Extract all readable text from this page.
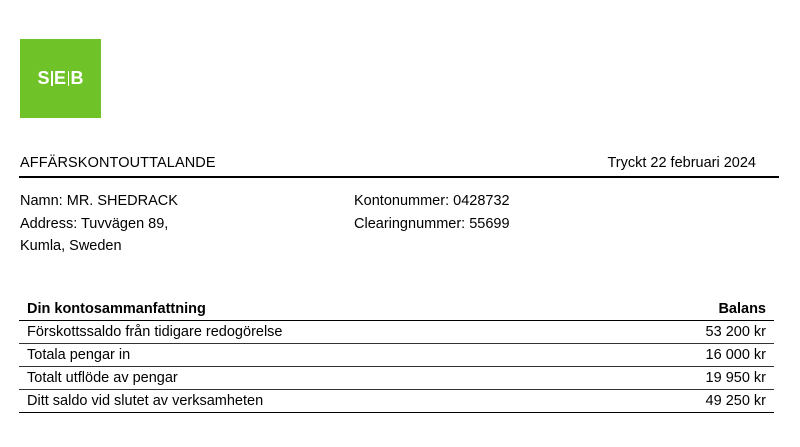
S E B
AFFÄRSKONTOUTTALANDE	Tryckt 22 februari 2024
Namn: MR. SHEDRACK
Address: Tuvvägen 89,
Kumla, Sweden
Kontonummer: 0428732
Clearingnummer: 55699
Din kontosammanfattning	Balans
Förskottssaldo från tidigare redogörelse	53 200 kr
Totala pengar in	16 000 kr
Totalt utflöde av pengar	19 950 kr
Ditt saldo vid slutet av verksamheten	49 250 kr
